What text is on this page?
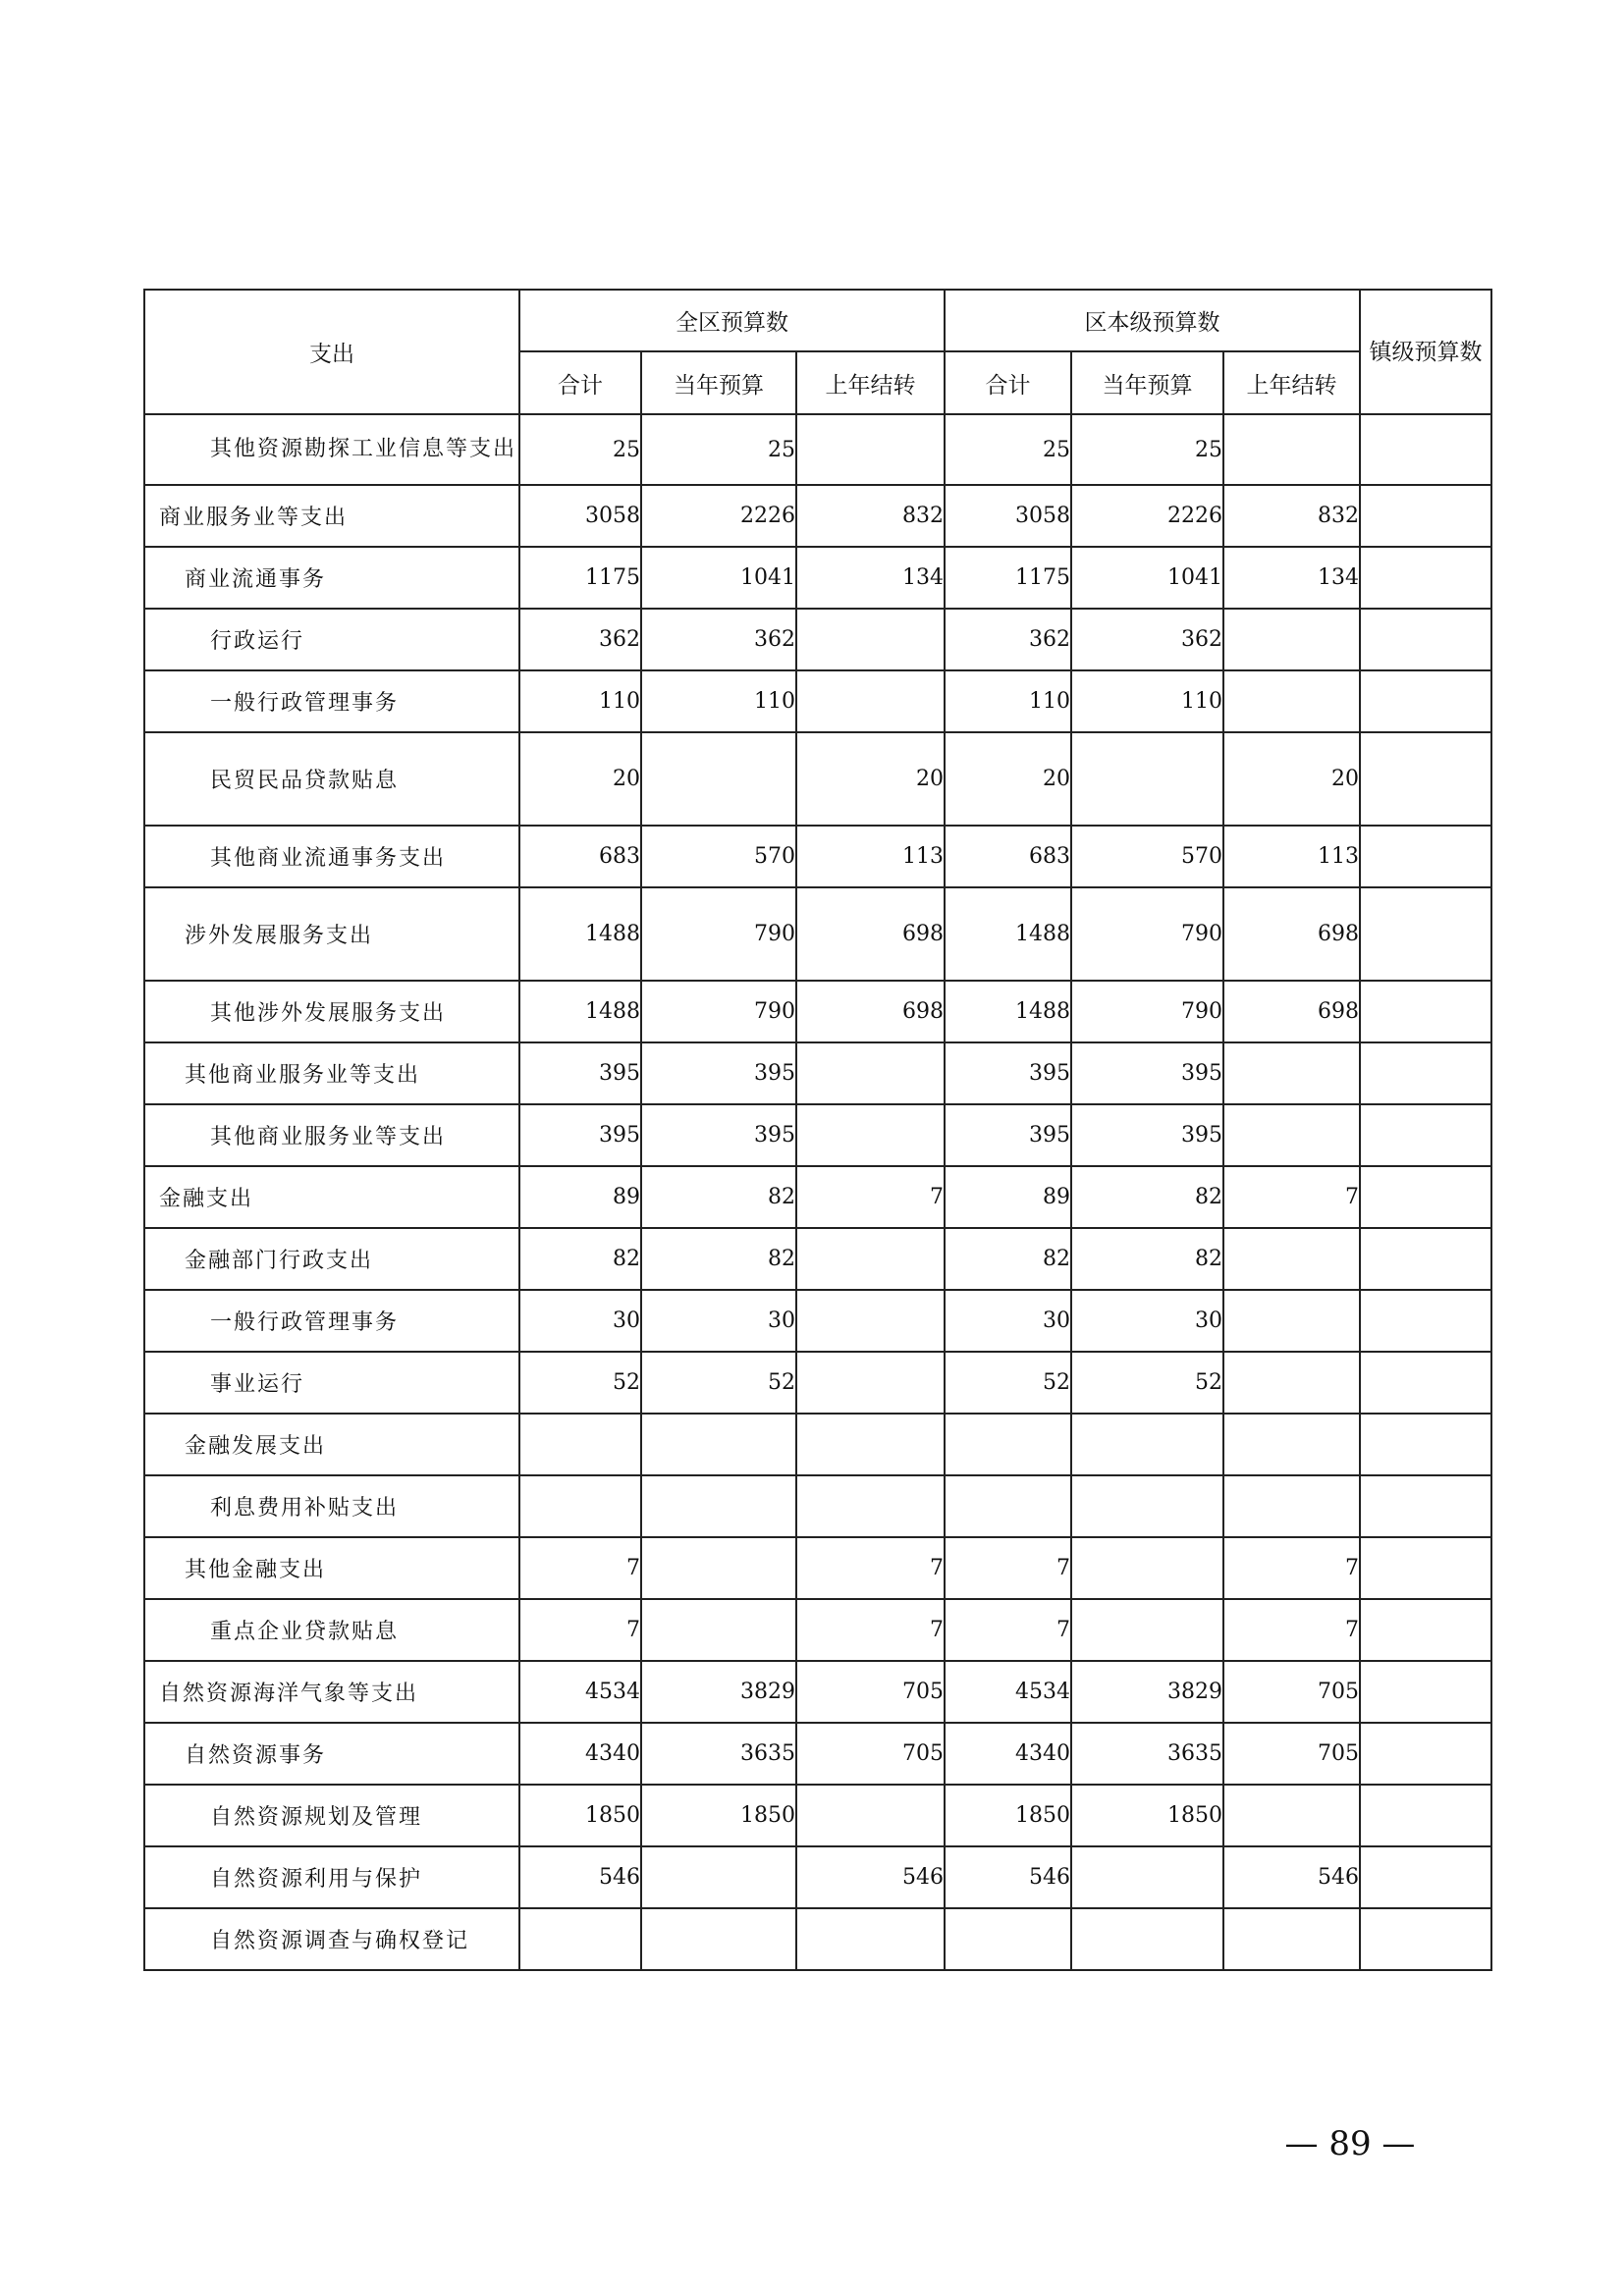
支出	全区预算数			区本级预算数			镇级预算数
	合计	当年预算	上年结转	合计	当年预算	上年结转	
其他资源勘探工业信息等支出	25	25		25	25		
商业服务业等支出	3058	2226	832	3058	2226	832	
商业流通事务	1175	1041	134	1175	1041	134	
行政运行	362	362		362	362		
一般行政管理事务	110	110		110	110		
民贸民品贷款贴息	20		20	20		20	
其他商业流通事务支出	683	570	113	683	570	113	
涉外发展服务支出	1488	790	698	1488	790	698	
其他涉外发展服务支出	1488	790	698	1488	790	698	
其他商业服务业等支出	395	395		395	395		
其他商业服务业等支出	395	395		395	395		
金融支出	89	82	7	89	82	7	
金融部门行政支出	82	82		82	82		
一般行政管理事务	30	30		30	30		
事业运行	52	52		52	52		
金融发展支出							
利息费用补贴支出							
其他金融支出	7		7	7		7	
重点企业贷款贴息	7		7	7		7	
自然资源海洋气象等支出	4534	3829	705	4534	3829	705	
自然资源事务	4340	3635	705	4340	3635	705	
自然资源规划及管理	1850	1850		1850	1850		
自然资源利用与保护	546		546	546		546	
自然资源调查与确权登记							
— 89 —
